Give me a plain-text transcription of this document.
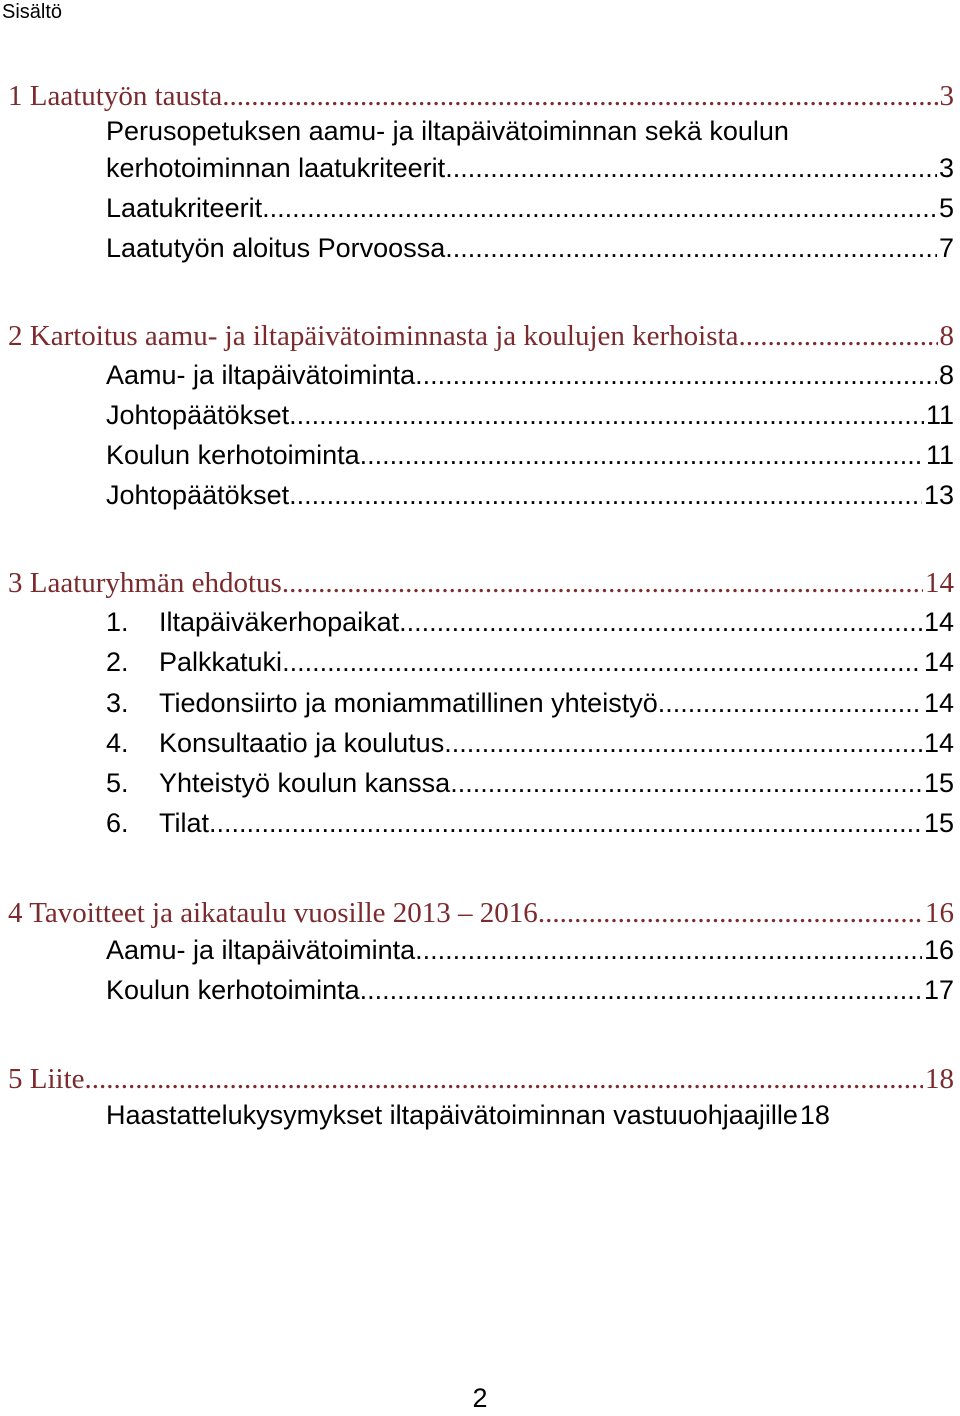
Sisältö
1 Laatutyön tausta .....	3
Perusopetuksen aamu- ja iltapäivätoiminnan sekä koulun
kerhotoiminnan laatukriteerit .....	3
Laatukriteerit .....	5
Laatutyön aloitus Porvoossa .....	7
2 Kartoitus aamu- ja iltapäivätoiminnasta ja koulujen kerhoista .....	8
Aamu- ja iltapäivätoiminta .....	8
Johtopäätökset .....	11
Koulun kerhotoiminta .....	11
Johtopäätökset .....	13
3 Laaturyhmän ehdotus .....	14
1.	Iltapäiväkerhopaikat .....	14
2.	Palkkatuki .....	14
3.	Tiedonsiirto ja moniammatillinen yhteistyö .....	14
4.	Konsultaatio ja koulutus .....	14
5.	Yhteistyö koulun kanssa .....	15
6.	Tilat .....	15
4 Tavoitteet ja aikataulu vuosille 2013 – 2016 .....	16
Aamu- ja iltapäivätoiminta .....	16
Koulun kerhotoiminta .....	17
5 Liite .....	18
Haastattelukysymykset iltapäivätoiminnan vastuuohjaajille 18
2
